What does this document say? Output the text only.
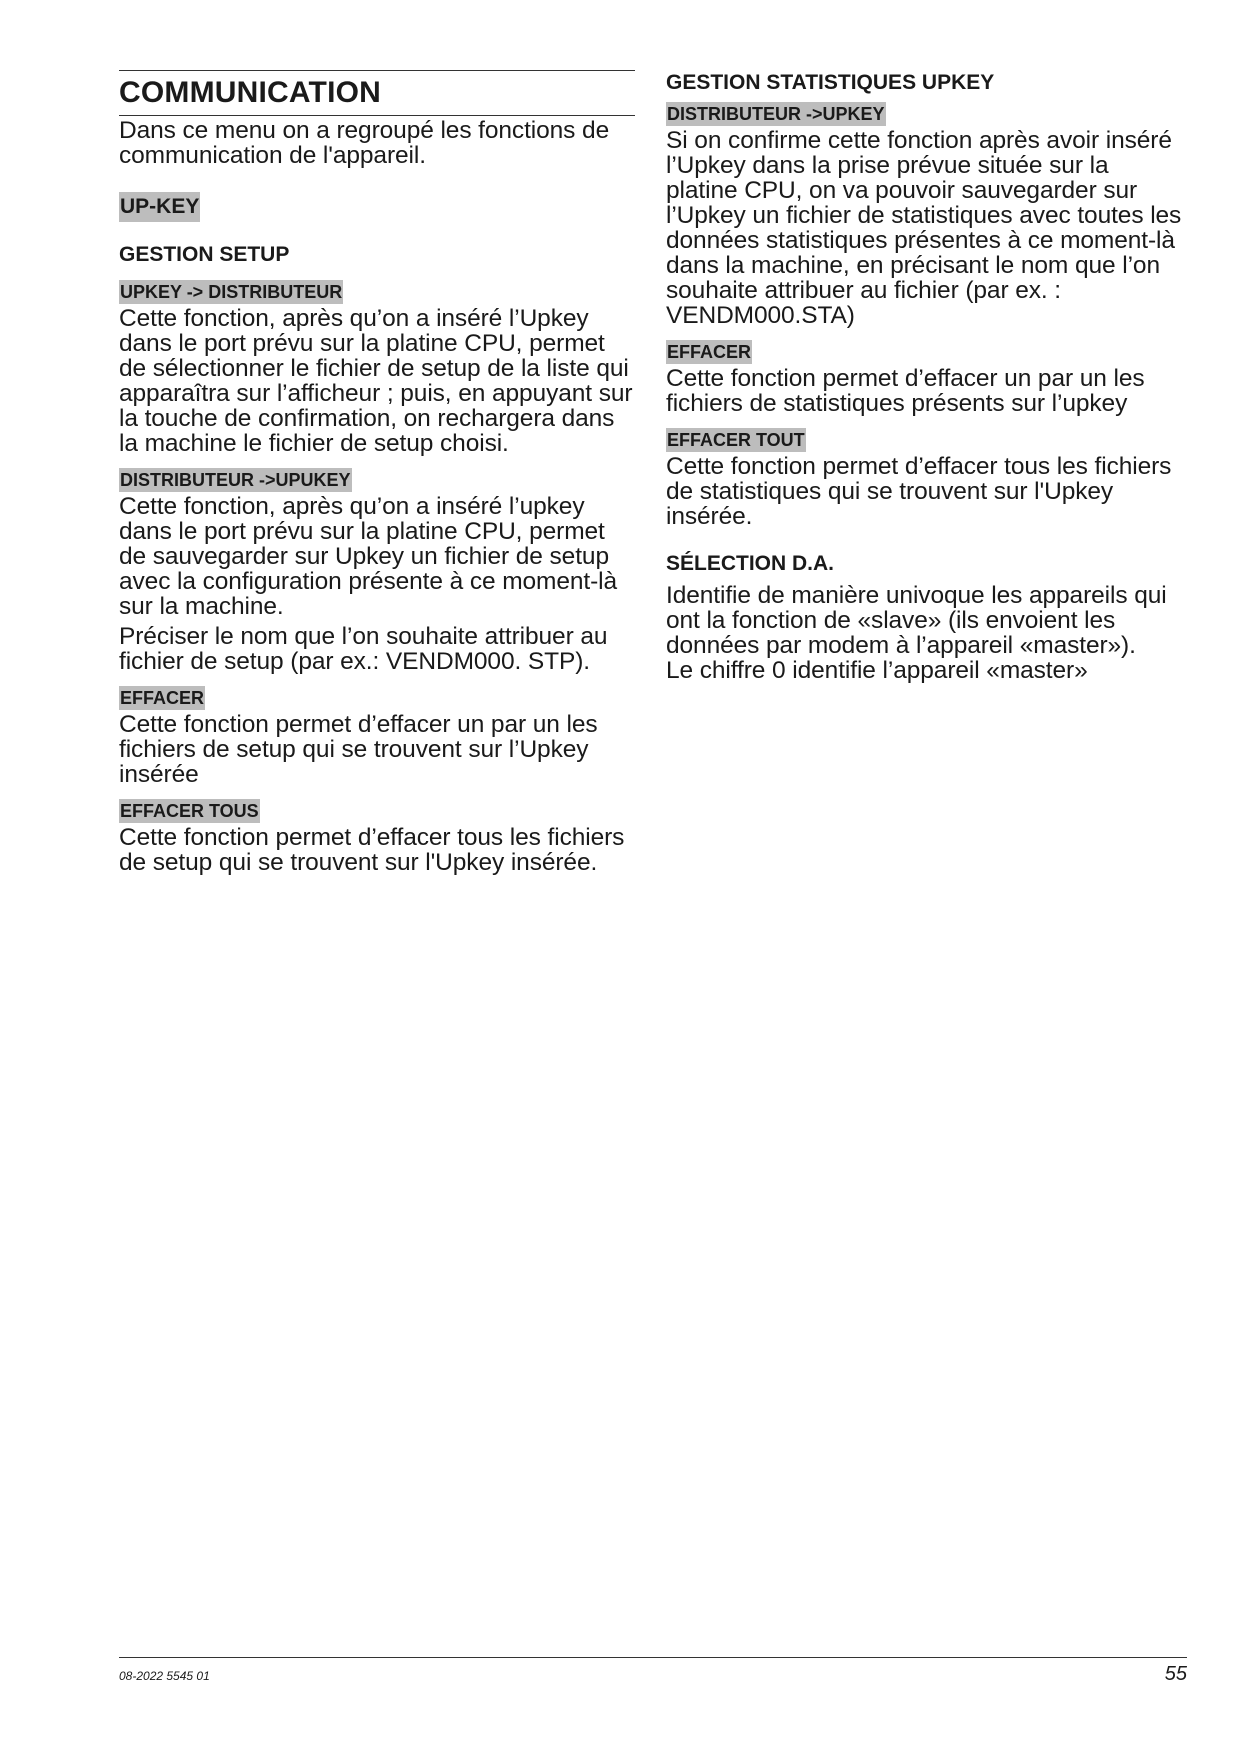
COMMUNICATION

Dans ce menu on a regroupé les fonctions de communication de l'appareil.

UP-KEY
GESTION SETUP
UPKEY -> DISTRIBUTEUR

Cette fonction, après qu’on a inséré l’Upkey dans le port prévu sur la platine CPU, permet de sélectionner le fichier de setup de la liste qui apparaîtra sur l’afficheur ; puis, en appuyant sur la touche de confirmation, on rechargera dans la machine le fichier de setup choisi.

DISTRIBUTEUR ->UPUKEY

Cette fonction, après qu’on a inséré l’upkey dans le port prévu sur la platine CPU, permet de sauvegarder sur Upkey un fichier de setup avec la configuration présente à ce moment-là sur la machine.

Préciser le nom que l’on souhaite attribuer au fichier de setup (par ex.: VENDM000. STP).

EFFACER

Cette fonction permet d’effacer un par un les fichiers de setup qui se trouvent sur l’Upkey insérée

EFFACER TOUS

Cette fonction permet d’effacer tous les fichiers de setup qui se trouvent sur l'Upkey insérée.

GESTION STATISTIQUES UPKEY
DISTRIBUTEUR ->UPKEY

Si on confirme cette fonction après avoir inséré l’Upkey dans la prise prévue située sur la platine CPU, on va pouvoir sauvegarder sur l’Upkey un fichier de statistiques avec toutes les données statistiques présentes à ce moment-là dans la machine, en précisant le nom que l’on souhaite attribuer au fichier (par ex. : VENDM000.STA)

EFFACER

Cette fonction permet d’effacer un par un les fichiers de statistiques présents sur l’upkey

EFFACER TOUT

Cette fonction permet d’effacer tous les fichiers de statistiques qui se trouvent sur l'Upkey insérée.

SÉLECTION D.A.

Identifie de manière univoque les appareils qui ont la fonction de «slave» (ils envoient les données par modem à l’appareil «master»).

Le chiffre 0 identifie l’appareil «master»

08-2022 5545 01	55
